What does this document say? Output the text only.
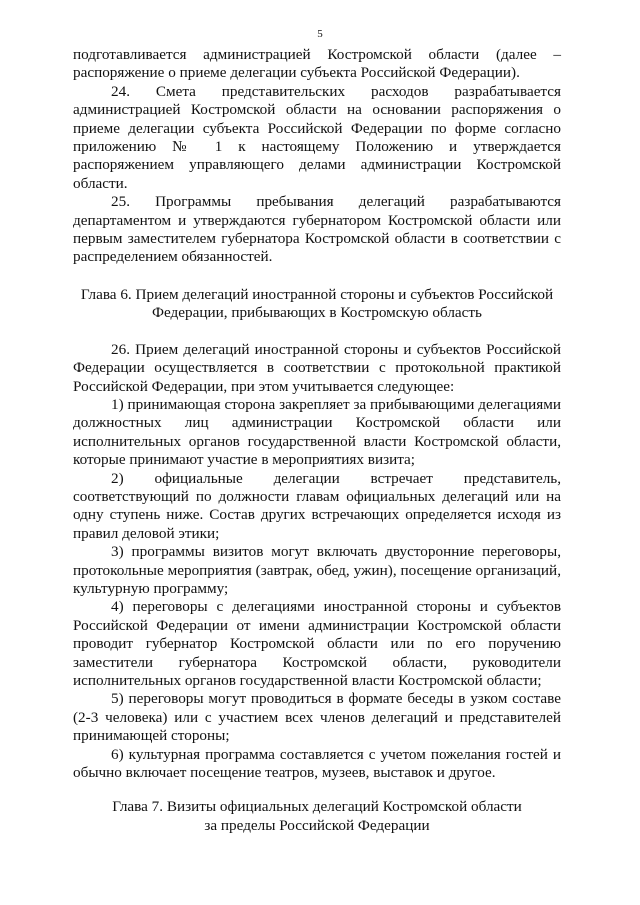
5

подготавливается администрацией Костромской области (далее – распоряжение о приеме делегации субъекта Российской Федерации).

24. Смета представительских расходов разрабатывается администрацией Костромской области на основании распоряжения о приеме делегации субъекта Российской Федерации по форме согласно приложению № 1 к настоящему Положению и утверждается распоряжением управляющего делами администрации Костромской области.

25. Программы пребывания делегаций разрабатываются департаментом и утверждаются губернатором Костромской области или первым заместителем губернатора Костромской области в соответствии с распределением обязанностей.

Глава 6. Прием делегаций иностранной стороны и субъектов Российской
Федерации, прибывающих в Костромскую область

26. Прием делегаций иностранной стороны и субъектов Российской Федерации осуществляется в соответствии с протокольной практикой Российской Федерации, при этом учитывается следующее:

1) принимающая сторона закрепляет за прибывающими делегациями должностных лиц администрации Костромской области или исполнительных органов государственной власти Костромской области, которые принимают участие в мероприятиях визита;

2) официальные делегации встречает представитель, соответствующий по должности главам официальных делегаций или на одну ступень ниже. Состав других встречающих определяется исходя из правил деловой этики;

3) программы визитов могут включать двусторонние переговоры, протокольные мероприятия (завтрак, обед, ужин), посещение организаций, культурную программу;

4) переговоры с делегациями иностранной стороны и субъектов Российской Федерации от имени администрации Костромской области проводит губернатор Костромской области или по его поручению заместители губернатора Костромской области, руководители исполнительных органов государственной власти Костромской области;

5) переговоры могут проводиться в формате беседы в узком составе (2-3 человека) или с участием всех членов делегаций и представителей принимающей стороны;

6) культурная программа составляется с учетом пожелания гостей и обычно включает посещение театров, музеев, выставок и другое.

Глава 7. Визиты официальных делегаций Костромской области
за пределы Российской Федерации
